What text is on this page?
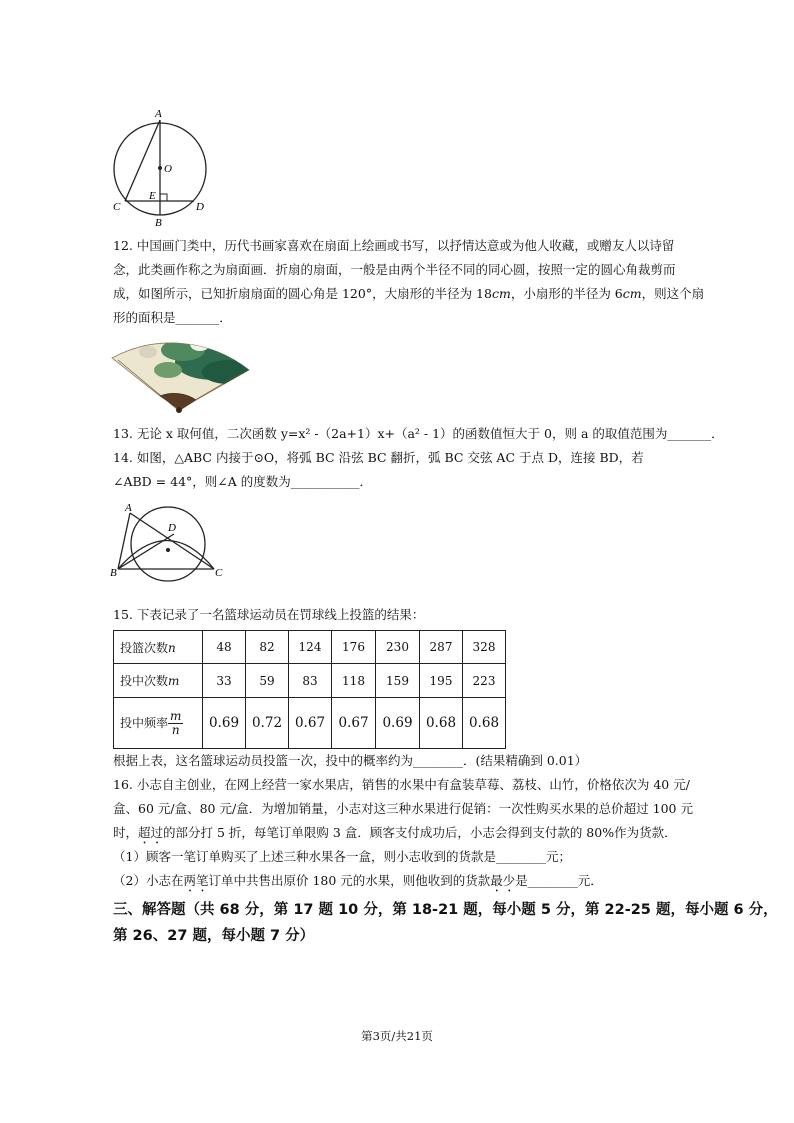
A
O
E
C	D
B
12. 中国画门类中，历代书画家喜欢在扇面上绘画或书写，以抒情达意或为他人收藏，或赠友人以诗留
念，此类画作称之为扇面画．折扇的扇面，一般是由两个半径不同的同心圆，按照一定的圆心角裁剪而
成，如图所示，已知折扇扇面的圆心角是 120°，大扇形的半径为 18cm，小扇形的半径为 6cm，则这个扇
形的面积是_______．
13. 无论 x 取何值，二次函数 y=x² -（2a+1）x+（a² - 1）的函数值恒大于 0，则 a 的取值范围为_______．
14. 如图，△ABC 内接于⊙O，将弧 BC 沿弦 BC 翻折，弧 BC 交弦 AC 于点 D，连接 BD，若
∠ABD = 44°，则∠A 的度数为___________．
A
D
B	C
15. 下表记录了一名篮球运动员在罚球线上投篮的结果：
投篮次数n	48	82	124	176	230	287	328
投中次数m	33	59	83	118	159	195	223
投中频率 $\frac{m}{n}$	0.69	0.72	0.67	0.67	0.69	0.68	0.68
根据上表，这名篮球运动员投篮一次，投中的概率约为________．(结果精确到 0.01）
16. 小志自主创业，在网上经营一家水果店，销售的水果中有盒装草莓、荔枝、山竹，价格依次为 40 元/
盒、60 元/盒、80 元/盒．为增加销量，小志对这三种水果进行促销：一次性购买水果的总价超过 100 元
时，超过的部分打 5 折，每笔订单限购 3 盒．顾客支付成功后，小志会得到支付款的 80%作为货款．
（1）顾客一笔订单购买了上述三种水果各一盒，则小志收到的货款是________元；
（2）小志在两笔订单中共售出原价 180 元的水果，则他收到的货款最少是________元．
三、解答题（共 68 分，第 17 题 10 分，第 18-21 题，每小题 5 分，第 22-25 题，每小题 6 分，
第 26、27 题，每小题 7 分）
第3页/共21页
